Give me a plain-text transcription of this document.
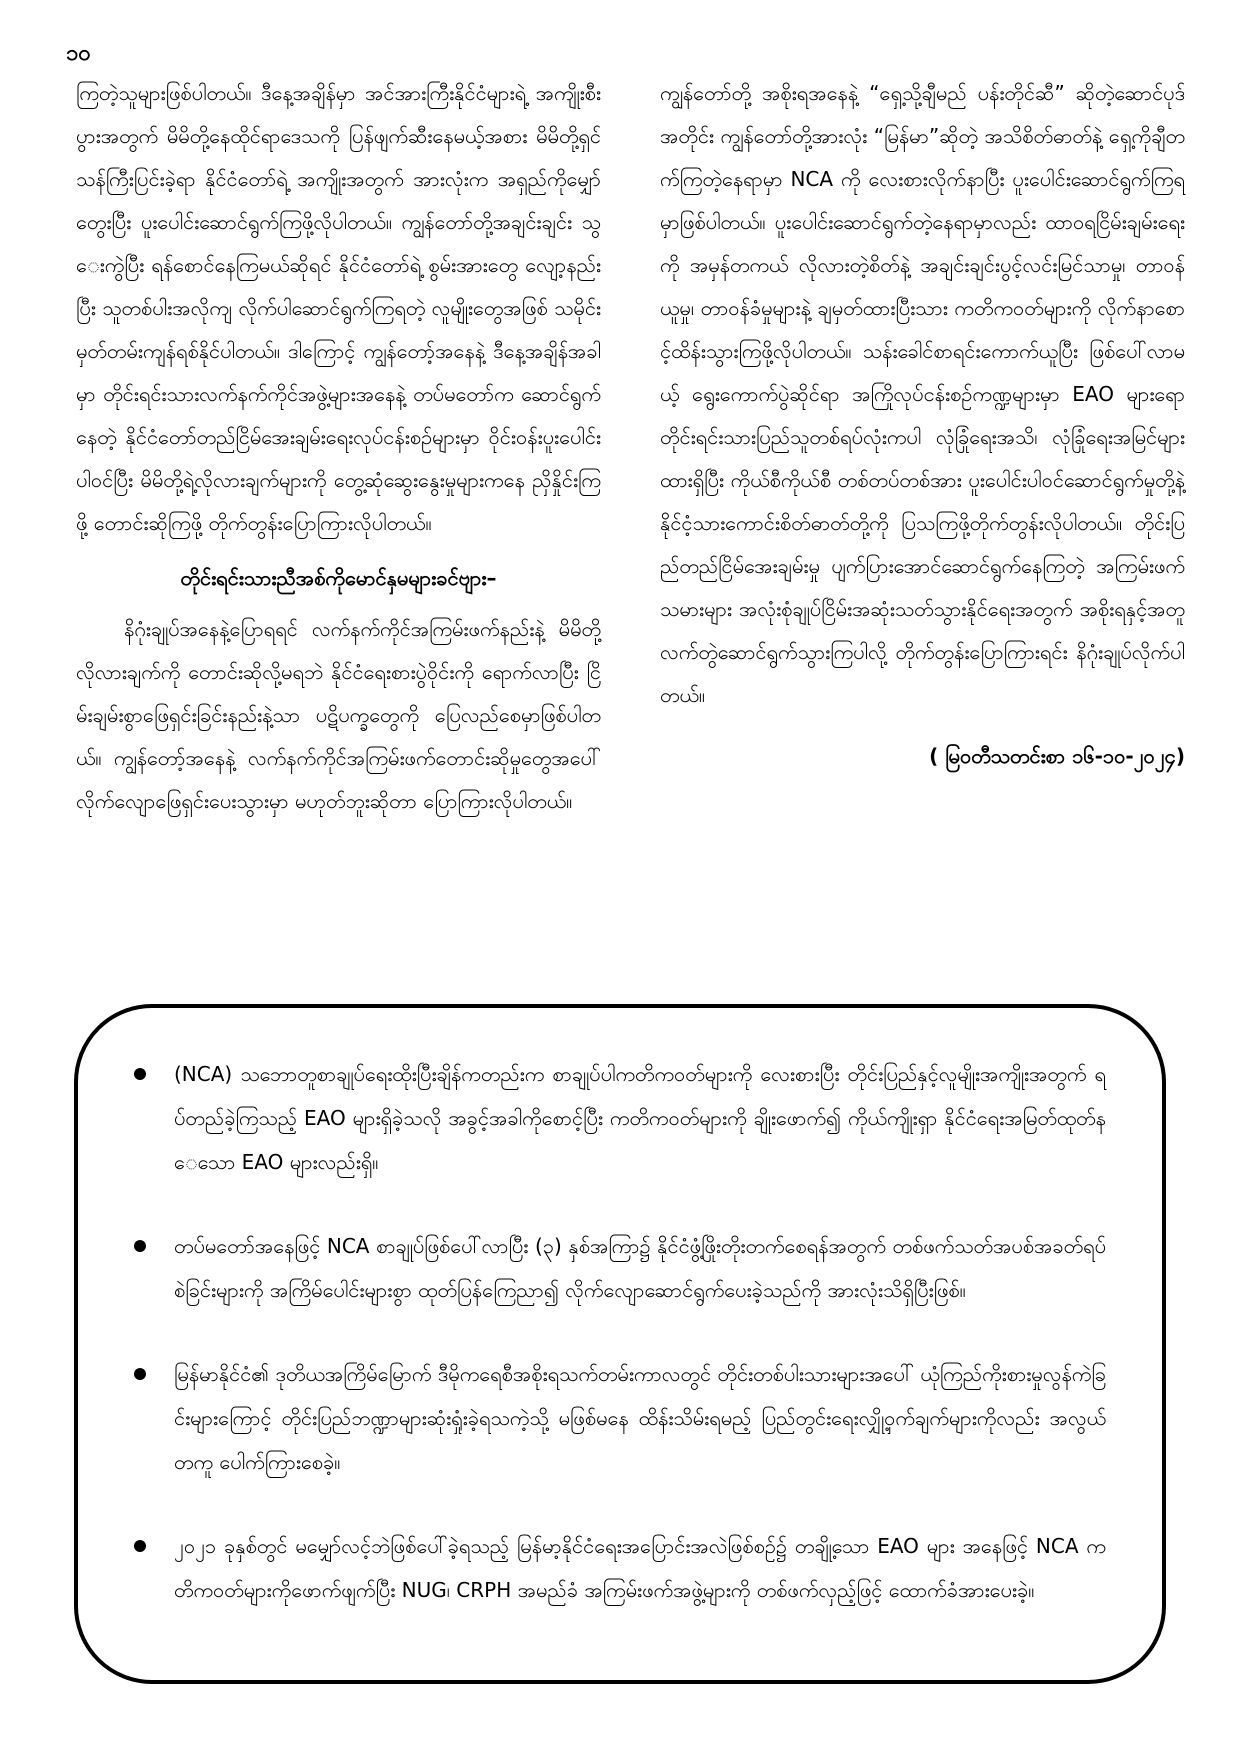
၁၀

ကြတဲ့သူများဖြစ်ပါတယ်။ ဒီနေ့အချိန်မှာ အင်အားကြီးနိုင်ငံများရဲ့ အကျိုးစီးပွားအတွက် မိမိတို့နေထိုင်ရာဒေသကို ပြန်ဖျက်ဆီးနေမယ့်အစား မိမိတို့ရှင်သန်ကြီးပြင်းခဲ့ရာ နိုင်ငံတော်ရဲ့ အကျိုးအတွက် အားလုံးက အရှည်ကိုမျှော်တွေးပြီး ပူးပေါင်းဆောင်ရွက်ကြဖို့လိုပါတယ်။ ကျွန်တော်တို့အချင်းချင်း သွေးကွဲပြီး ရန်စောင်နေကြမယ်ဆိုရင် နိုင်ငံတော်ရဲ့ စွမ်းအားတွေ လျော့နည်းပြီး သူတစ်ပါးအလိုကျ လိုက်ပါဆောင်ရွက်ကြရတဲ့ လူမျိုးတွေအဖြစ် သမိုင်းမှတ်တမ်းကျန်ရစ်နိုင်ပါတယ်။ ဒါကြောင့် ကျွန်တော့်အနေနဲ့ ဒီနေ့အချိန်အခါမှာ တိုင်းရင်းသားလက်နက်ကိုင်အဖွဲ့များအနေနဲ့ တပ်မတော်က ဆောင်ရွက်နေတဲ့ နိုင်ငံတော်တည်ငြိမ်အေးချမ်းရေးလုပ်ငန်းစဉ်များမှာ ဝိုင်းဝန်းပူးပေါင်းပါဝင်ပြီး မိမိတို့ရဲ့လိုလားချက်များကို တွေ့ဆုံဆွေးနွေးမှုများကနေ ညှိနှိုင်းကြဖို့ တောင်းဆိုကြဖို့ တိုက်တွန်းပြောကြားလိုပါတယ်။

တိုင်းရင်းသားညီအစ်ကိုမောင်နှမများခင်ဗျား–

နိဂုံးချုပ်အနေနဲ့ပြောရရင် လက်နက်ကိုင်အကြမ်းဖက်နည်းနဲ့ မိမိတို့လိုလားချက်ကို တောင်းဆိုလို့မရဘဲ နိုင်ငံရေးစားပွဲဝိုင်းကို ရောက်လာပြီး ငြိမ်းချမ်းစွာဖြေရှင်းခြင်းနည်းနဲ့သာ ပဋိပက္ခတွေကို ပြေလည်စေမှာဖြစ်ပါတယ်။ ကျွန်တော့်အနေနဲ့ လက်နက်ကိုင်အကြမ်းဖက်တောင်းဆိုမှုတွေအပေါ် လိုက်လျောဖြေရှင်းပေးသွားမှာ မဟုတ်ဘူးဆိုတာ ပြောကြားလိုပါတယ်။

ကျွန်တော်တို့ အစိုးရအနေနဲ့ “ရှေ့သို့ချီမည် ပန်းတိုင်ဆီ” ဆိုတဲ့ဆောင်ပုဒ်အတိုင်း ကျွန်တော်တို့အားလုံး “မြန်မာ”ဆိုတဲ့ အသိစိတ်ဓာတ်နဲ့ ရှေ့ကိုချီတက်ကြတဲ့နေရာမှာ NCA ကို လေးစားလိုက်နာပြီး ပူးပေါင်းဆောင်ရွက်ကြရမှာဖြစ်ပါတယ်။ ပူးပေါင်းဆောင်ရွက်တဲ့နေရာမှာလည်း ထာဝရငြိမ်းချမ်းရေးကို အမှန်တကယ် လိုလားတဲ့စိတ်နဲ့ အချင်းချင်းပွင့်လင်းမြင်သာမှု၊ တာဝန်ယူမှု၊ တာဝန်ခံမှုများနဲ့ ချမှတ်ထားပြီးသား ကတိကဝတ်များကို လိုက်နာစောင့်ထိန်းသွားကြဖို့လိုပါတယ်။ သန်းခေါင်စာရင်းကောက်ယူပြီး ဖြစ်ပေါ်လာမယ့် ရွေးကောက်ပွဲဆိုင်ရာ အကြိုလုပ်ငန်းစဉ်ကဏ္ဍများမှာ EAO များရော တိုင်းရင်းသားပြည်သူတစ်ရပ်လုံးကပါ လုံခြုံရေးအသိ၊ လုံခြုံရေးအမြင်များထားရှိပြီး ကိုယ်စီကိုယ်စီ တစ်တပ်တစ်အား ပူးပေါင်းပါဝင်ဆောင်ရွက်မှုတို့နဲ့ နိုင်ငံ့သားကောင်းစိတ်ဓာတ်တို့ကို ပြသကြဖို့တိုက်တွန်းလိုပါတယ်။ တိုင်းပြည်တည်ငြိမ်အေးချမ်းမှု ပျက်ပြားအောင်ဆောင်ရွက်နေကြတဲ့ အကြမ်းဖက်သမားများ အလုံးစုံချုပ်ငြိမ်းအဆုံးသတ်သွားနိုင်ရေးအတွက် အစိုးရနှင့်အတူ လက်တွဲဆောင်ရွက်သွားကြပါလို့ တိုက်တွန်းပြောကြားရင်း နိဂုံးချုပ်လိုက်ပါတယ်။

( မြဝတီသတင်းစာ ၁၆-၁၀-၂၀၂၄)

(NCA) သဘောတူစာချုပ်ရေးထိုးပြီးချိန်ကတည်းက စာချုပ်ပါကတိကဝတ်များကို လေးစားပြီး တိုင်းပြည်နှင့်လူမျိုးအကျိုးအတွက် ရပ်တည်ခဲ့ကြသည့် EAO များရှိခဲ့သလို အခွင့်အခါကိုစောင့်ပြီး ကတိကဝတ်များကို ချိုးဖောက်၍ ကိုယ်ကျိုးရှာ နိုင်ငံရေးအမြတ်ထုတ်နေသော EAO များလည်းရှိ။
တပ်မတော်အနေဖြင့် NCA စာချုပ်ဖြစ်ပေါ်လာပြီး (၃) နှစ်အကြာ၌ နိုင်ငံဖွံ့ဖြိုးတိုးတက်စေရန်အတွက် တစ်ဖက်သတ်အပစ်အခတ်ရပ်စဲခြင်းများကို အကြိမ်ပေါင်းများစွာ ထုတ်ပြန်ကြေညာ၍ လိုက်လျောဆောင်ရွက်ပေးခဲ့သည်ကို အားလုံးသိရှိပြီးဖြစ်။
မြန်မာနိုင်ငံ၏ ဒုတိယအကြိမ်မြောက် ဒီမိုကရေစီအစိုးရသက်တမ်းကာလတွင် တိုင်းတစ်ပါးသားများအပေါ် ယုံကြည်ကိုးစားမှုလွန်ကဲခြင်းများကြောင့် တိုင်းပြည်ဘဏ္ဍာများဆုံးရှုံးခဲ့ရသကဲ့သို့ မဖြစ်မနေ ထိန်းသိမ်းရမည့် ပြည်တွင်းရေးလျှို့ဝှက်ချက်များကိုလည်း အလွယ်တကူ ပေါက်ကြားစေခဲ့။
၂၀၂၁ ခုနှစ်တွင် မမျှော်လင့်ဘဲဖြစ်ပေါ်ခဲ့ရသည့် မြန်မာ့နိုင်ငံရေးအပြောင်းအလဲဖြစ်စဉ်၌ တချို့သော EAO များ အနေဖြင့် NCA ကတိကဝတ်များကိုဖောက်ဖျက်ပြီး NUG၊ CRPH အမည်ခံ အကြမ်းဖက်အဖွဲ့များကို တစ်ဖက်လှည့်ဖြင့် ထောက်ခံအားပေးခဲ့။
